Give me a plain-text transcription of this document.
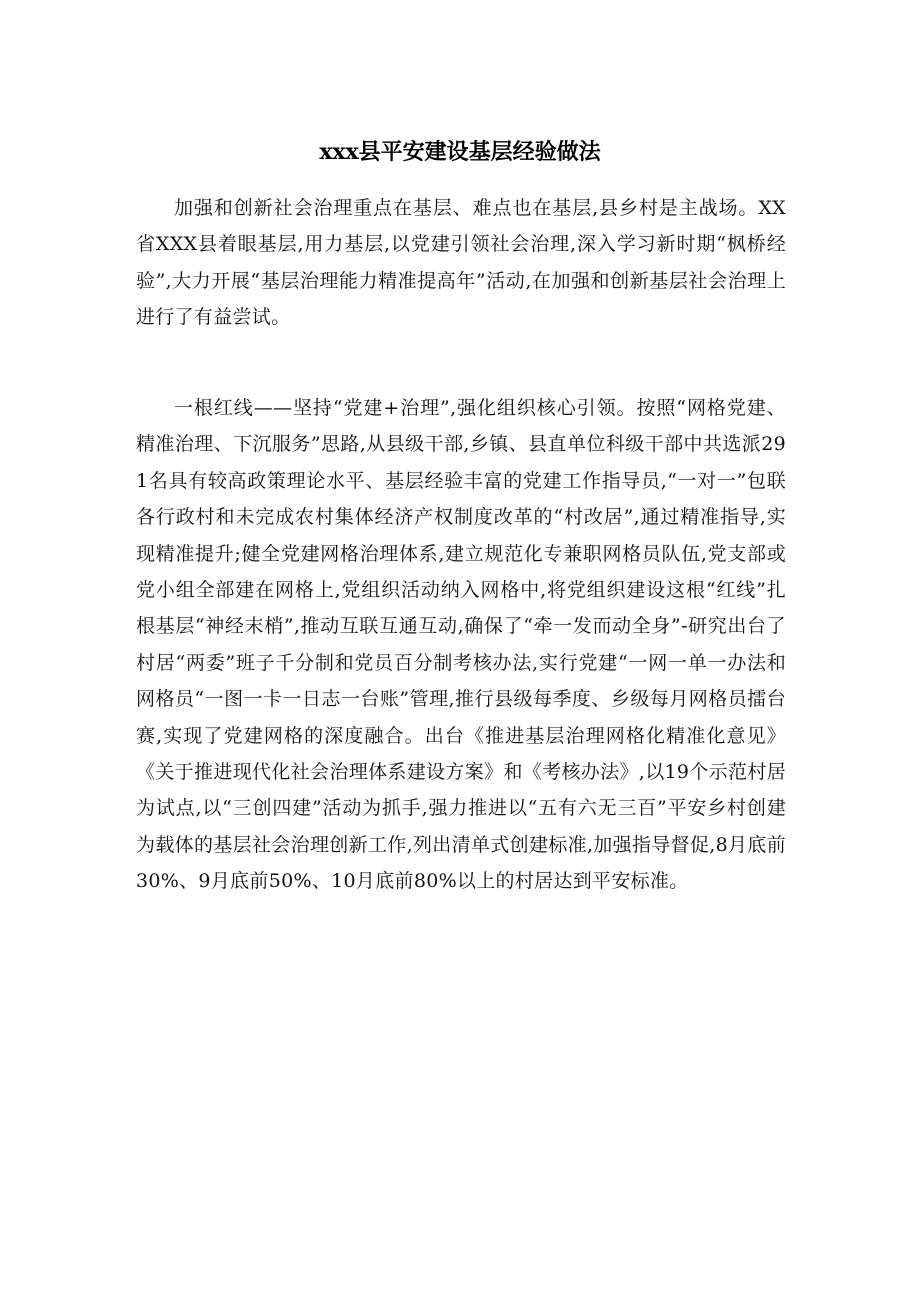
xxx县平安建设基层经验做法

加强和创新社会治理重点在基层、难点也在基层,县乡村是主战场。XX省XXX县着眼基层,用力基层,以党建引领社会治理,深入学习新时期“枫桥经验”,大力开展“基层治理能力精准提高年”活动,在加强和创新基层社会治理上进行了有益尝试。

一根红线——坚持“党建+治理”,强化组织核心引领。按照“网格党建、精准治理、下沉服务”思路,从县级干部,乡镇、县直单位科级干部中共选派291名具有较高政策理论水平、基层经验丰富的党建工作指导员,“一对一”包联各行政村和未完成农村集体经济产权制度改革的“村改居”,通过精准指导,实现精准提升;健全党建网格治理体系,建立规范化专兼职网格员队伍,党支部或党小组全部建在网格上,党组织活动纳入网格中,将党组织建设这根“红线”扎根基层“神经末梢”,推动互联互通互动,确保了“牵一发而动全身”-研究出台了村居“两委”班子千分制和党员百分制考核办法,实行党建“一网一单一办法和网格员“一图一卡一日志一台账”管理,推行县级每季度、乡级每月网格员擂台赛,实现了党建网格的深度融合。出台《推进基层治理网格化精准化意见》《关于推进现代化社会治理体系建设方案》和《考核办法》,以19个示范村居为试点,以“三创四建”活动为抓手,强力推进以“五有六无三百”平安乡村创建为载体的基层社会治理创新工作,列出清单式创建标准,加强指导督促,8月底前30%、9月底前50%、10月底前80%以上的村居达到平安标准。
